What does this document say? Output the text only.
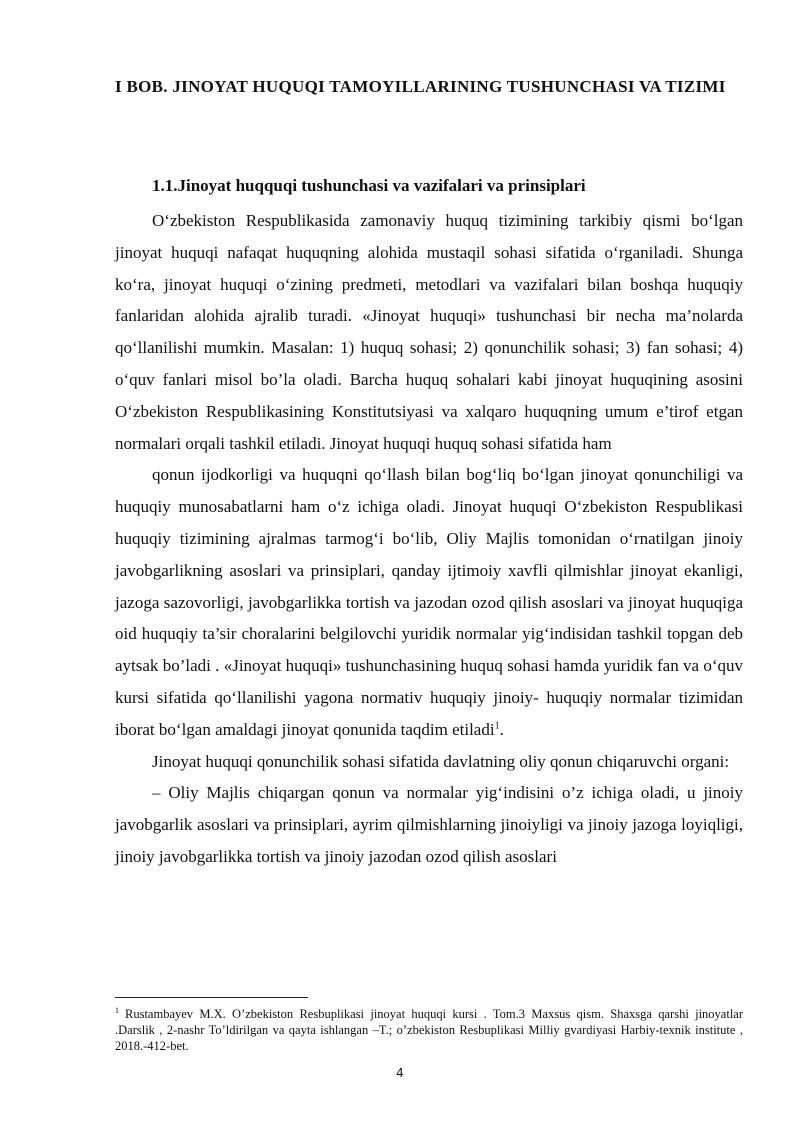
I BOB. JINOYAT HUQUQI TAMOYILLARINING TUSHUNCHASI VA TIZIMI
1.1.Jinoyat huqquqi tushunchasi va vazifalari va prinsiplari

O‘zbekiston Respublikasida zamonaviy huquq tizimining tarkibiy qismi bo‘lgan jinoyat huquqi nafaqat huquqning alohida mustaqil sohasi sifatida o‘rganiladi. Shunga ko‘ra, jinoyat huquqi o‘zining predmeti, metodlari va vazifalari bilan boshqa huquqiy fanlaridan alohida ajralib turadi. «Jinoyat huquqi» tushunchasi bir necha ma’nolarda qo‘llanilishi mumkin. Masalan: 1) huquq sohasi; 2) qonunchilik sohasi; 3) fan sohasi; 4) o‘quv fanlari misol bo’la oladi. Barcha huquq sohalari kabi jinoyat huquqining asosini O‘zbekiston Respublikasining Konstitutsiyasi va xalqaro huquqning umum e’tirof etgan normalari orqali tashkil etiladi. Jinoyat huquqi huquq sohasi sifatida ham

qonun ijodkorligi va huquqni qo‘llash bilan bog‘liq bo‘lgan jinoyat qonunchiligi va huquqiy munosabatlarni ham o‘z ichiga oladi. Jinoyat huquqi O‘zbekiston Respublikasi huquqiy tizimining ajralmas tarmog‘i bo‘lib, Oliy Majlis tomonidan o‘rnatilgan jinoiy javobgarlikning asoslari va prinsiplari, qanday ijtimoiy xavfli qilmishlar jinoyat ekanligi, jazoga sazovorligi, javobgarlikka tortish va jazodan ozod qilish asoslari va jinoyat huquqiga oid huquqiy ta’sir choralarini belgilovchi yuridik normalar yig‘indisidan tashkil topgan deb aytsak bo’ladi . «Jinoyat huquqi» tushunchasining huquq sohasi hamda yuridik fan va o‘quv kursi sifatida qo‘llanilishi yagona normativ huquqiy jinoiy- huquqiy normalar tizimidan iborat bo‘lgan amaldagi jinoyat qonunida taqdim etiladi$^1$.

Jinoyat huquqi qonunchilik sohasi sifatida davlatning oliy qonun chiqaruvchi organi:

– Oliy Majlis chiqargan qonun va normalar yig‘indisini o’z ichiga oladi, u jinoiy javobgarlik asoslari va prinsiplari, ayrim qilmishlarning jinoiyligi va jinoiy jazoga loyiqligi, jinoiy javobgarlikka tortish va jinoiy jazodan ozod qilish asoslari

$^1$ Rustambayev M.X. O’zbekiston Resbuplikasi jinoyat huquqi kursi . Tom.3 Maxsus qism. Shaxsga qarshi jinoyatlar .Darslik , 2-nashr To’ldirilgan va qayta ishlangan –T.; o’zbekiston Resbuplikasi Milliy gvardiyasi Harbiy-texnik institute , 2018.-412-bet.
4
